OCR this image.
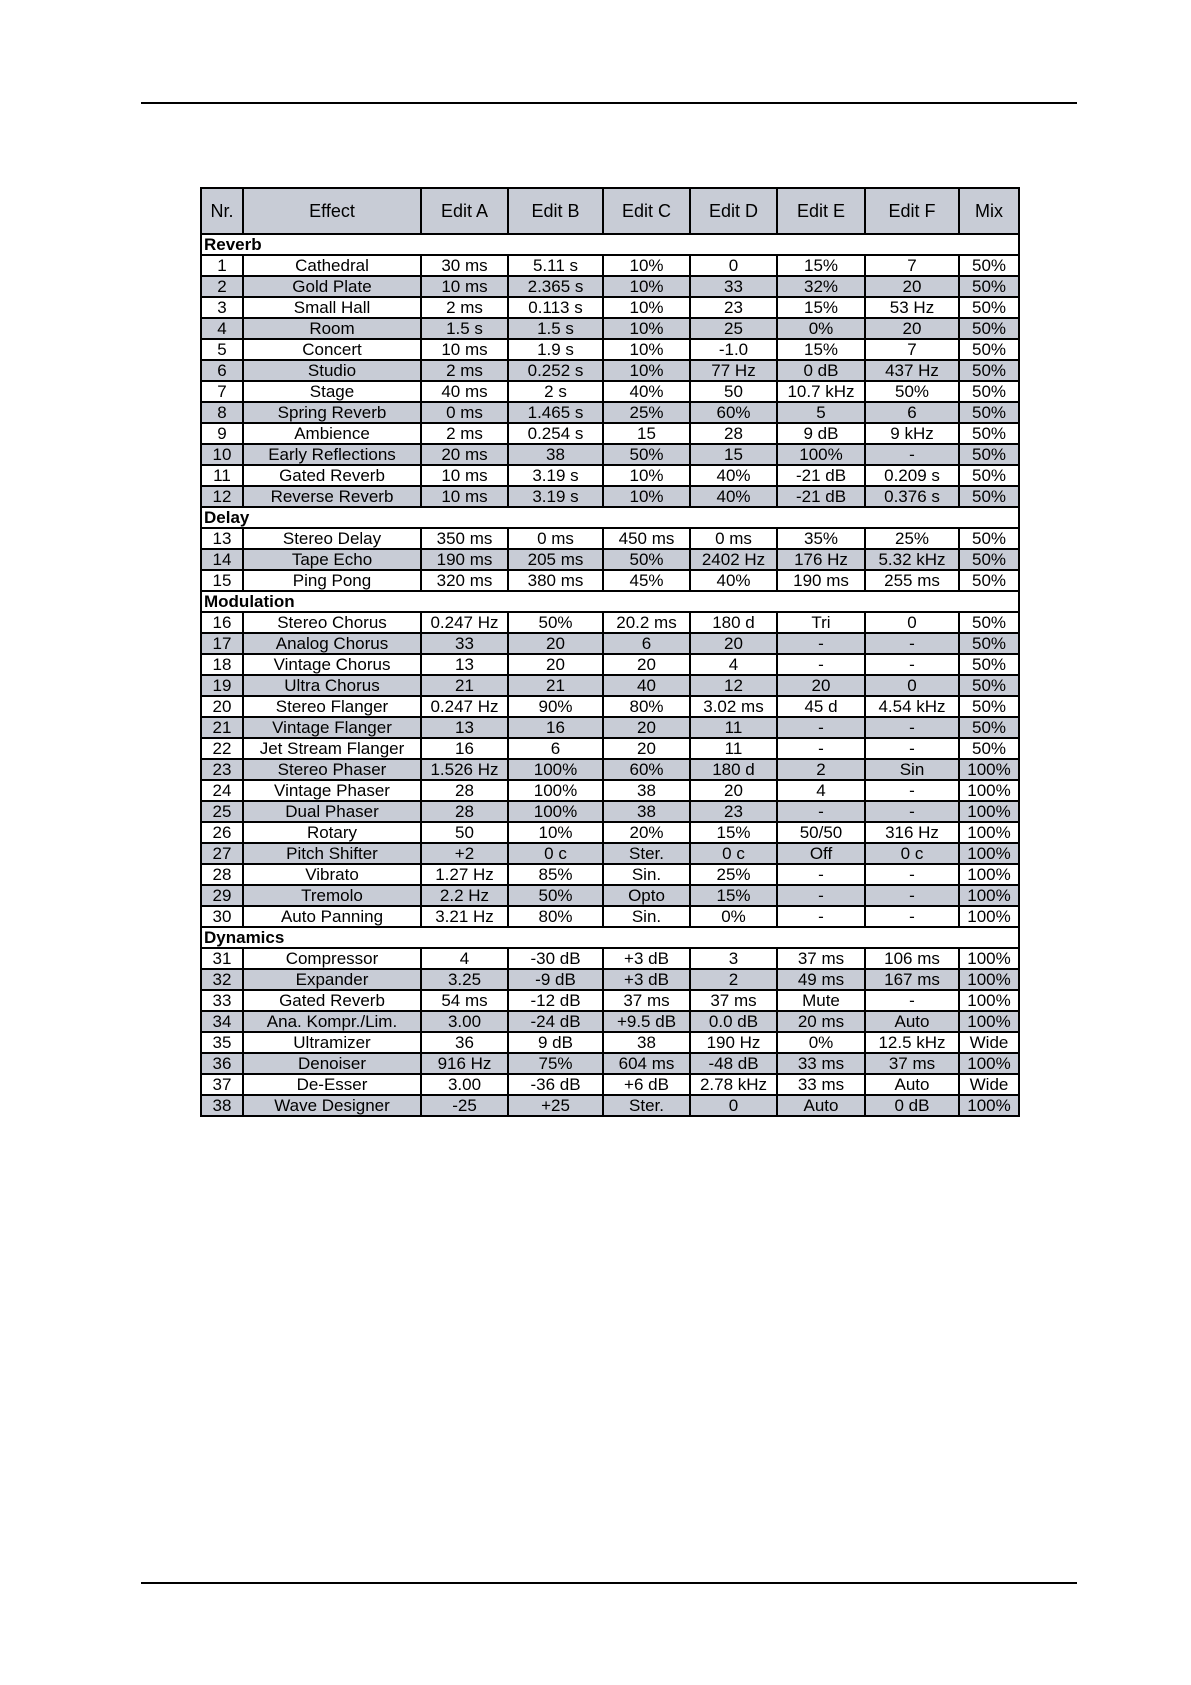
Nr.	Effect	Edit A	Edit B	Edit C	Edit D	Edit E	Edit F	Mix
Reverb								
1	Cathedral	30 ms	5.11 s	10%	0	15%	7	50%
2	Gold Plate	10 ms	2.365 s	10%	33	32%	20	50%
3	Small Hall	2 ms	0.113 s	10%	23	15%	53 Hz	50%
4	Room	1.5 s	1.5 s	10%	25	0%	20	50%
5	Concert	10 ms	1.9 s	10%	-1.0	15%	7	50%
6	Studio	2 ms	0.252 s	10%	77 Hz	0 dB	437 Hz	50%
7	Stage	40 ms	2 s	40%	50	10.7 kHz	50%	50%
8	Spring Reverb	0 ms	1.465 s	25%	60%	5	6	50%
9	Ambience	2 ms	0.254 s	15	28	9 dB	9 kHz	50%
10	Early Reflections	20 ms	38	50%	15	100%	-	50%
11	Gated Reverb	10 ms	3.19 s	10%	40%	-21 dB	0.209 s	50%
12	Reverse Reverb	10 ms	3.19 s	10%	40%	-21 dB	0.376 s	50%
Delay								
13	Stereo Delay	350 ms	0 ms	450 ms	0 ms	35%	25%	50%
14	Tape Echo	190 ms	205 ms	50%	2402 Hz	176 Hz	5.32 kHz	50%
15	Ping Pong	320 ms	380 ms	45%	40%	190 ms	255 ms	50%
Modulation								
16	Stereo Chorus	0.247 Hz	50%	20.2 ms	180 d	Tri	0	50%
17	Analog Chorus	33	20	6	20	-	-	50%
18	Vintage Chorus	13	20	20	4	-	-	50%
19	Ultra Chorus	21	21	40	12	20	0	50%
20	Stereo Flanger	0.247 Hz	90%	80%	3.02 ms	45 d	4.54 kHz	50%
21	Vintage Flanger	13	16	20	11	-	-	50%
22	Jet Stream Flanger	16	6	20	11	-	-	50%
23	Stereo Phaser	1.526 Hz	100%	60%	180 d	2	Sin	100%
24	Vintage Phaser	28	100%	38	20	4	-	100%
25	Dual Phaser	28	100%	38	23	-	-	100%
26	Rotary	50	10%	20%	15%	50/50	316 Hz	100%
27	Pitch Shifter	+2	0 c	Ster.	0 c	Off	0 c	100%
28	Vibrato	1.27 Hz	85%	Sin.	25%	-	-	100%
29	Tremolo	2.2 Hz	50%	Opto	15%	-	-	100%
30	Auto Panning	3.21 Hz	80%	Sin.	0%	-	-	100%
Dynamics								
31	Compressor	4	-30 dB	+3 dB	3	37 ms	106 ms	100%
32	Expander	3.25	-9 dB	+3 dB	2	49 ms	167 ms	100%
33	Gated Reverb	54 ms	-12 dB	37 ms	37 ms	Mute	-	100%
34	Ana. Kompr./Lim.	3.00	-24 dB	+9.5 dB	0.0 dB	20 ms	Auto	100%
35	Ultramizer	36	9 dB	38	190 Hz	0%	12.5 kHz	Wide
36	Denoiser	916 Hz	75%	604 ms	-48 dB	33 ms	37 ms	100%
37	De-Esser	3.00	-36 dB	+6 dB	2.78 kHz	33 ms	Auto	Wide
38	Wave Designer	-25	+25	Ster.	0	Auto	0 dB	100%
